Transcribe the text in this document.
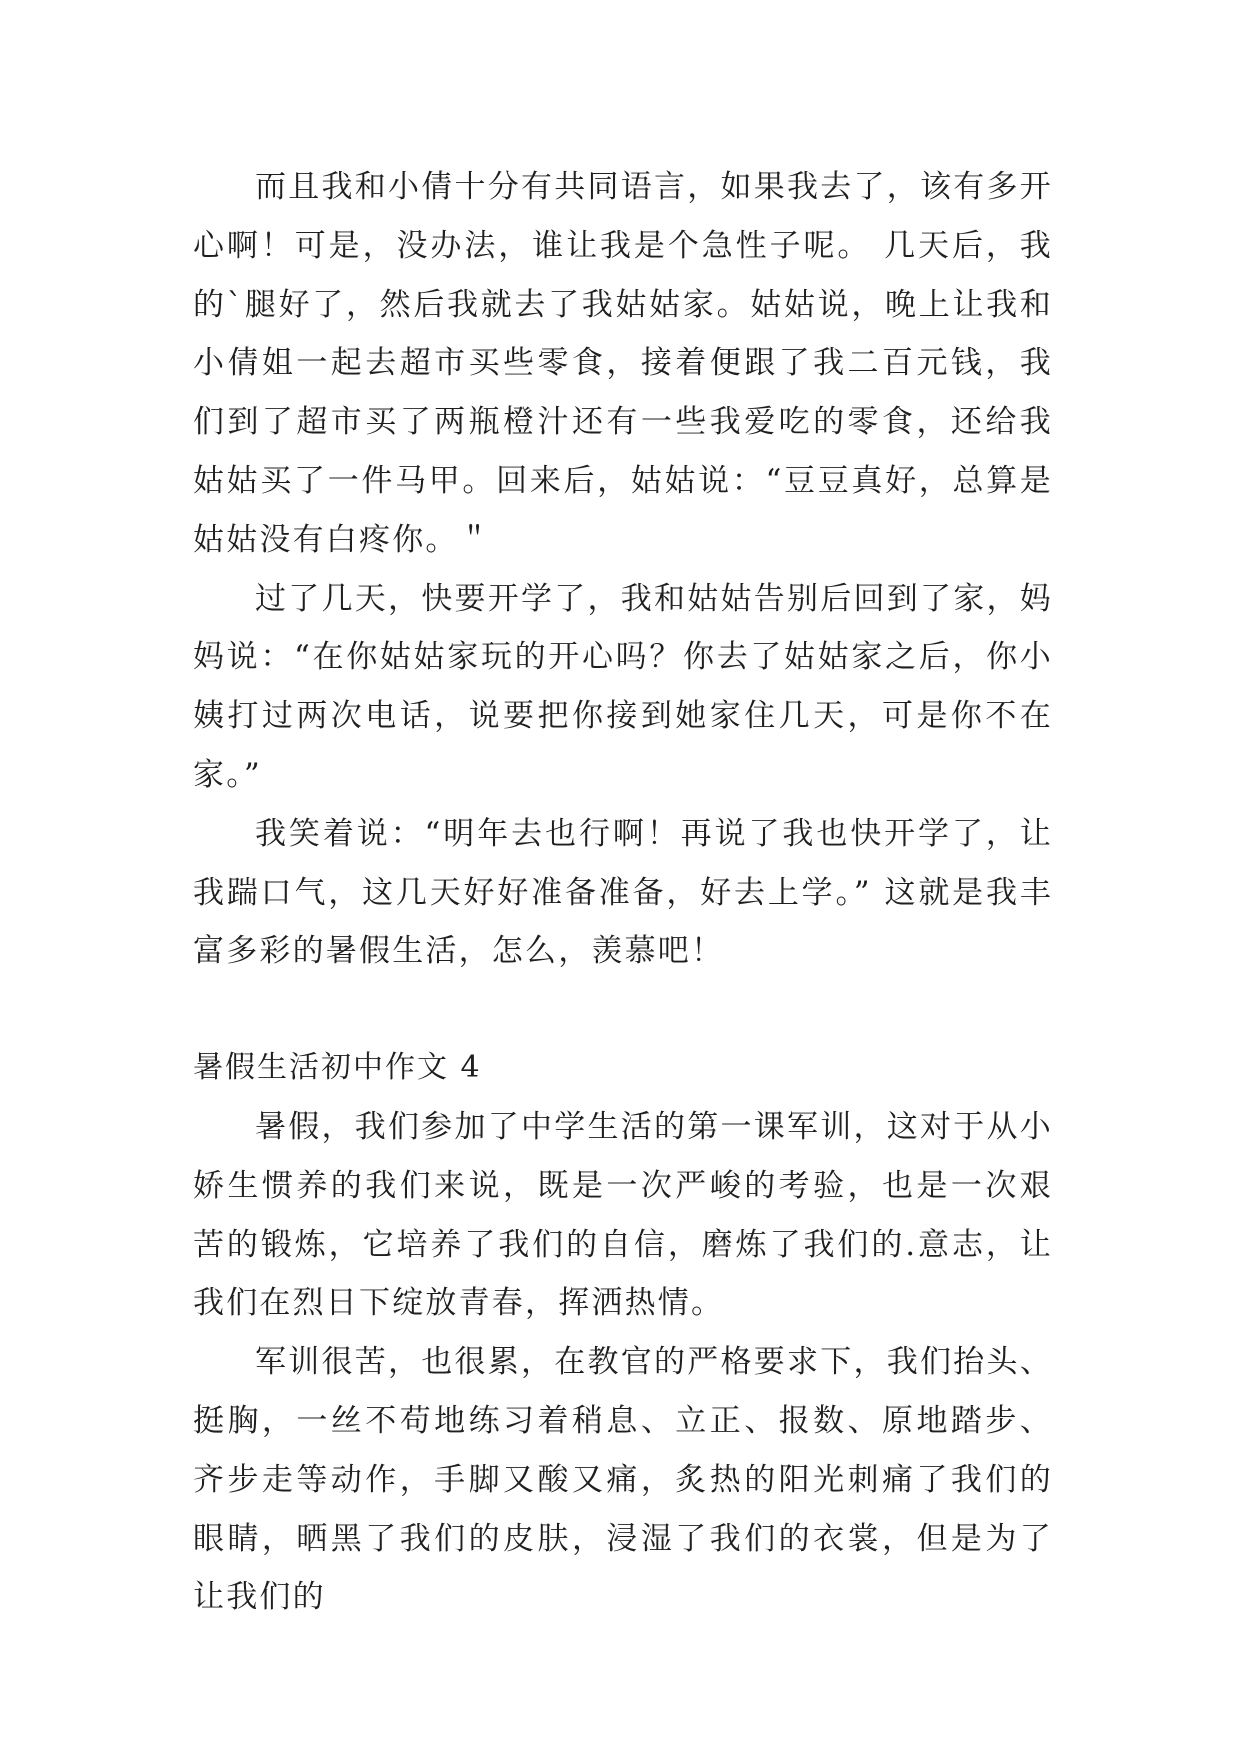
而且我和小倩十分有共同语言，如果我去了，该有多开心啊！可是，没办法，谁让我是个急性子呢。 几天后，我的`腿好了，然后我就去了我姑姑家。姑姑说，晚上让我和小倩姐一起去超市买些零食，接着便跟了我二百元钱，我们到了超市买了两瓶橙汁还有一些我爱吃的零食，还给我姑姑买了一件马甲。回来后，姑姑说：“豆豆真好，总算是姑姑没有白疼你。＂

过了几天，快要开学了，我和姑姑告别后回到了家，妈妈说：“在你姑姑家玩的开心吗？你去了姑姑家之后，你小姨打过两次电话，说要把你接到她家住几天，可是你不在家。”

我笑着说：“明年去也行啊！再说了我也快开学了，让我踹口气，这几天好好准备准备，好去上学。” 这就是我丰富多彩的暑假生活，怎么，羡慕吧！

暑假生活初中作文 4

暑假，我们参加了中学生活的第一课军训，这对于从小娇生惯养的我们来说，既是一次严峻的考验，也是一次艰苦的锻炼，它培养了我们的自信，磨炼了我们的.意志，让我们在烈日下绽放青春，挥洒热情。

军训很苦，也很累，在教官的严格要求下，我们抬头、挺胸，一丝不苟地练习着稍息、立正、报数、原地踏步、齐步走等动作，手脚又酸又痛，炙热的阳光刺痛了我们的眼睛，晒黑了我们的皮肤，浸湿了我们的衣裳，但是为了让我们的
